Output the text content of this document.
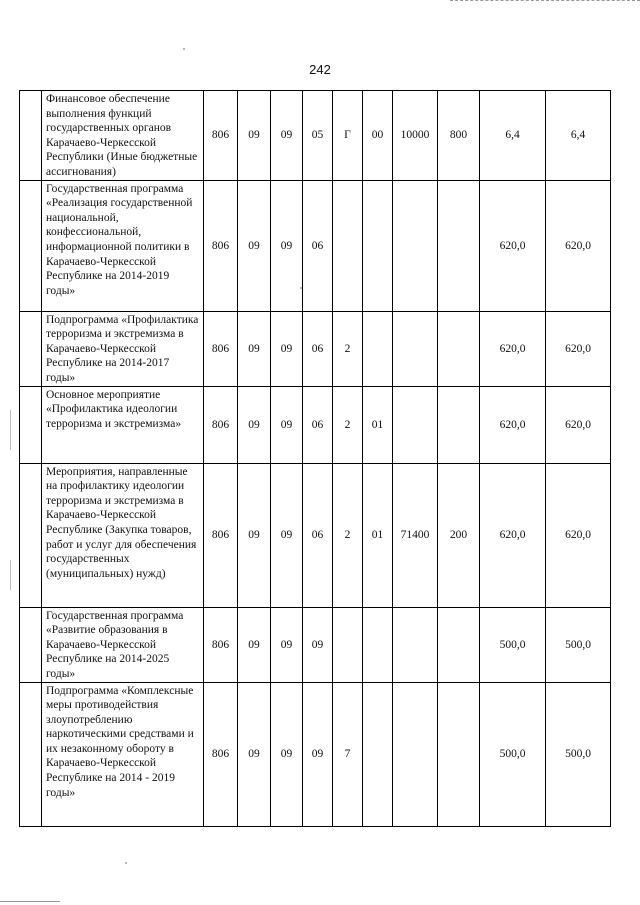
242
	Финансовое обеспечение выполнения функций государственных органов Карачаево-Черкесской Республики (Иные бюджетные ассигнования)	806	09	09	05	Г	00	10000	800	6,4	6,4
	Государственная программа «Реализация государственной национальной, конфессиональной, информационной политики в Карачаево-Черкесской Республике на 2014-2019 годы»	806	09	09	06					620,0	620,0
	Подпрограмма «Профилактика терроризма и экстремизма в Карачаево-Черкесской Республике на 2014-2017 годы»	806	09	09	06	2				620,0	620,0
	Основное мероприятие «Профилактика идеологии терроризма и экстремизма»	806	09	09	06	2	01			620,0	620,0
	Мероприятия, направленные на профилактику идеологии терроризма и экстремизма в Карачаево-Черкесской Республике (Закупка товаров, работ и услуг для обеспечения государственных (муниципальных) нужд)	806	09	09	06	2	01	71400	200	620,0	620,0
	Государственная программа «Развитие образования в Карачаево-Черкесской Республике на 2014-2025 годы»	806	09	09	09					500,0	500,0
	Подпрограмма «Комплексные меры противодействия злоупотреблению наркотическими средствами и их незаконному обороту в Карачаево-Черкесской Республике на 2014 - 2019 годы»	806	09	09	09	7				500,0	500,0
